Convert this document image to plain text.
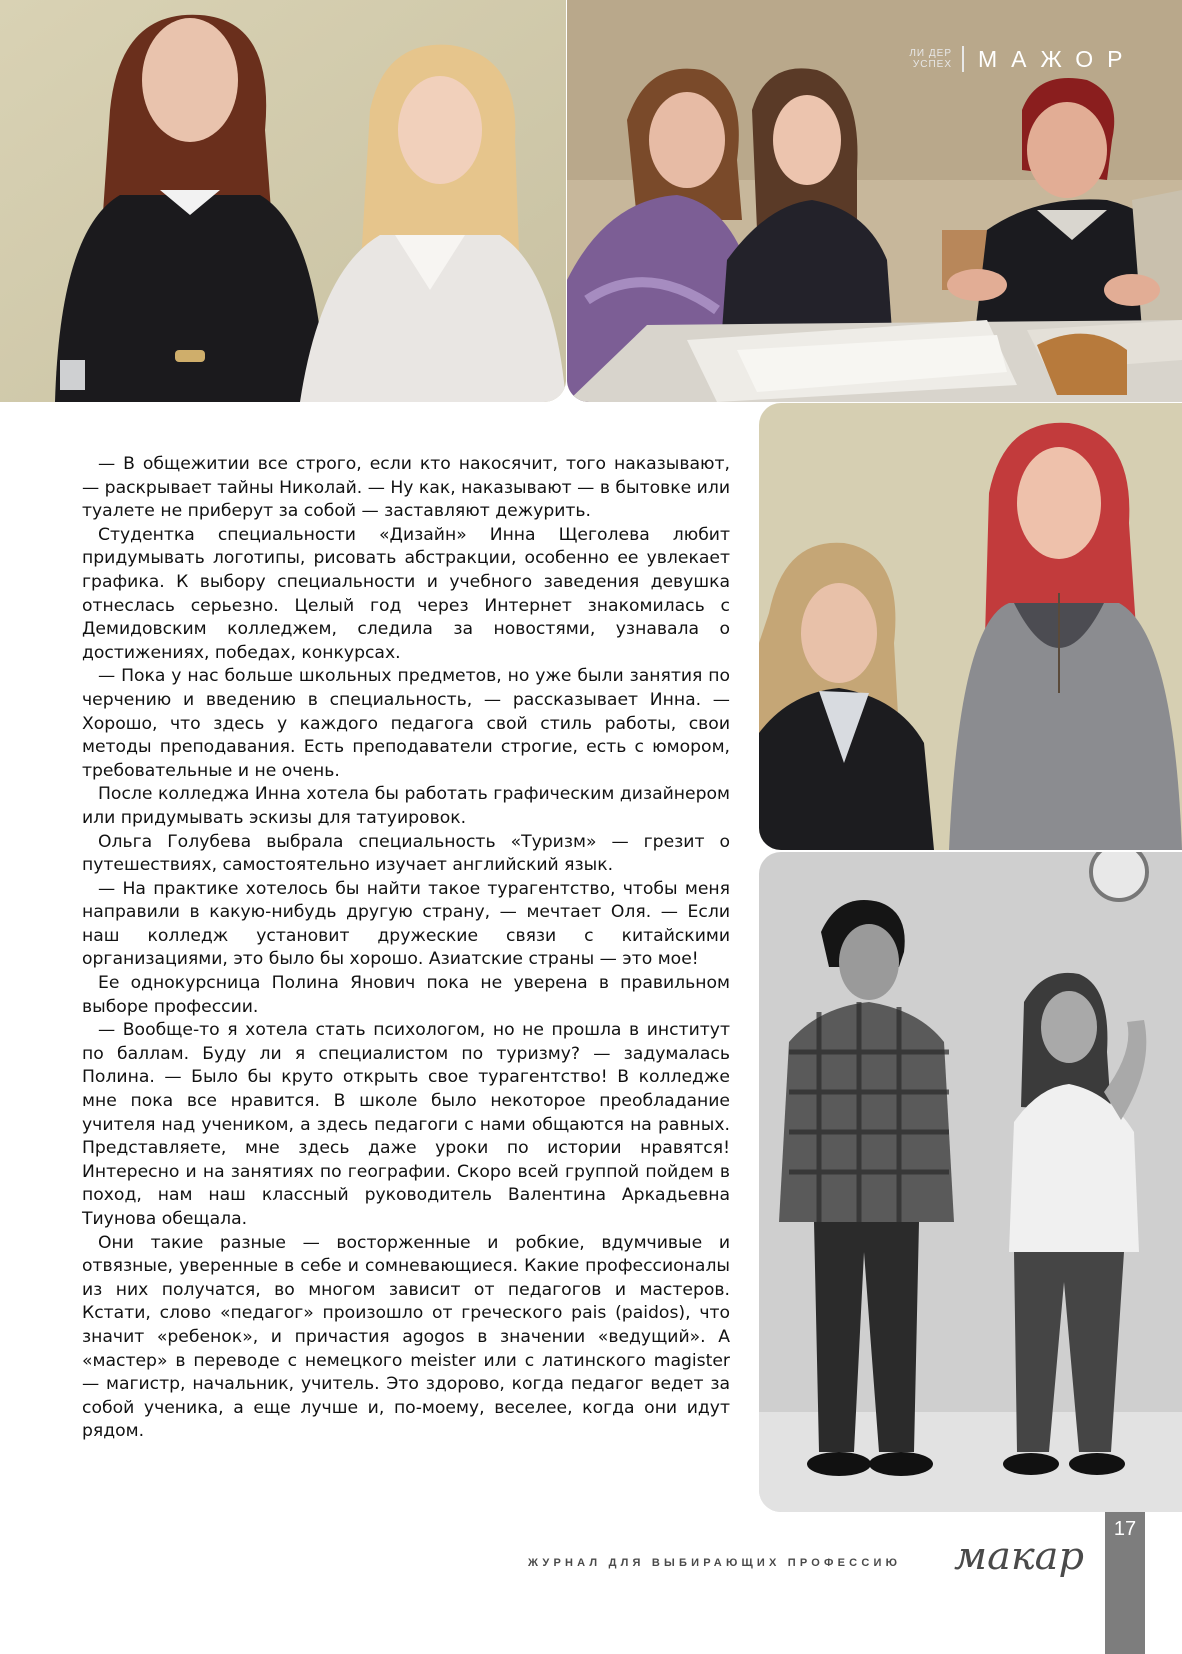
ЛИ ДЕР
УСПЕХ МАЖОР

— В общежитии все строго, если кто накосячит, того наказывают, — раскрывает тайны Николай. — Ну как, наказывают — в бытовке или туалете не приберут за собой — заставляют дежурить.

Студентка специальности «Дизайн» Инна Щеголева любит придумывать логотипы, рисовать абстракции, особенно ее увлекает графика. К выбору специальности и учебного заведения девушка отнеслась серьезно. Целый год через Интернет знакомилась с Демидовским колледжем, следила за новостями, узнавала о достижениях, победах, конкурсах.

— Пока у нас больше школьных предметов, но уже были занятия по черчению и введению в специальность, — рассказывает Инна. — Хорошо, что здесь у каждого педагога свой стиль работы, свои методы преподавания. Есть преподаватели строгие, есть с юмором, требовательные и не очень.

После колледжа Инна хотела бы работать графическим дизайнером или придумывать эскизы для татуировок.

Ольга Голубева выбрала специальность «Туризм» — грезит о путешествиях, самостоятельно изучает английский язык.

— На практике хотелось бы найти такое турагентство, чтобы меня направили в какую-нибудь другую страну, — мечтает Оля. — Если наш колледж установит дружеские связи с китайскими организациями, это было бы хорошо. Азиатские страны — это мое!

Ее однокурсница Полина Янович пока не уверена в правильном выборе профессии.

— Вообще-то я хотела стать психологом, но не прошла в институт по баллам. Буду ли я специалистом по туризму? — задумалась Полина. — Было бы круто открыть свое турагентство! В колледже мне пока все нравится. В школе было некоторое преобладание учителя над учеником, а здесь педагоги с нами общаются на равных. Представляете, мне здесь даже уроки по истории нравятся! Интересно и на занятиях по географии. Скоро всей группой пойдем в поход, нам наш классный руководитель Валентина Аркадьевна Тиунова обещала.

Они такие разные — восторженные и робкие, вдумчивые и отвязные, уверенные в себе и сомневающиеся. Какие профессионалы из них получатся, во многом зависит от педагогов и мастеров. Кстати, слово «педагог» произошло от греческого pais (paidos), что значит «ребенок», и причастия agogos в значении «ведущий». А «мастер» в переводе с немецкого meister или с латинского magister — магистр, начальник, учитель. Это здорово, когда педагог ведет за собой ученика, а еще лучше и, по-моему, веселее, когда они идут рядом.

ЖУРНАЛ ДЛЯ ВЫБИРАЮЩИХ ПРОФЕССИЮ макар
17
